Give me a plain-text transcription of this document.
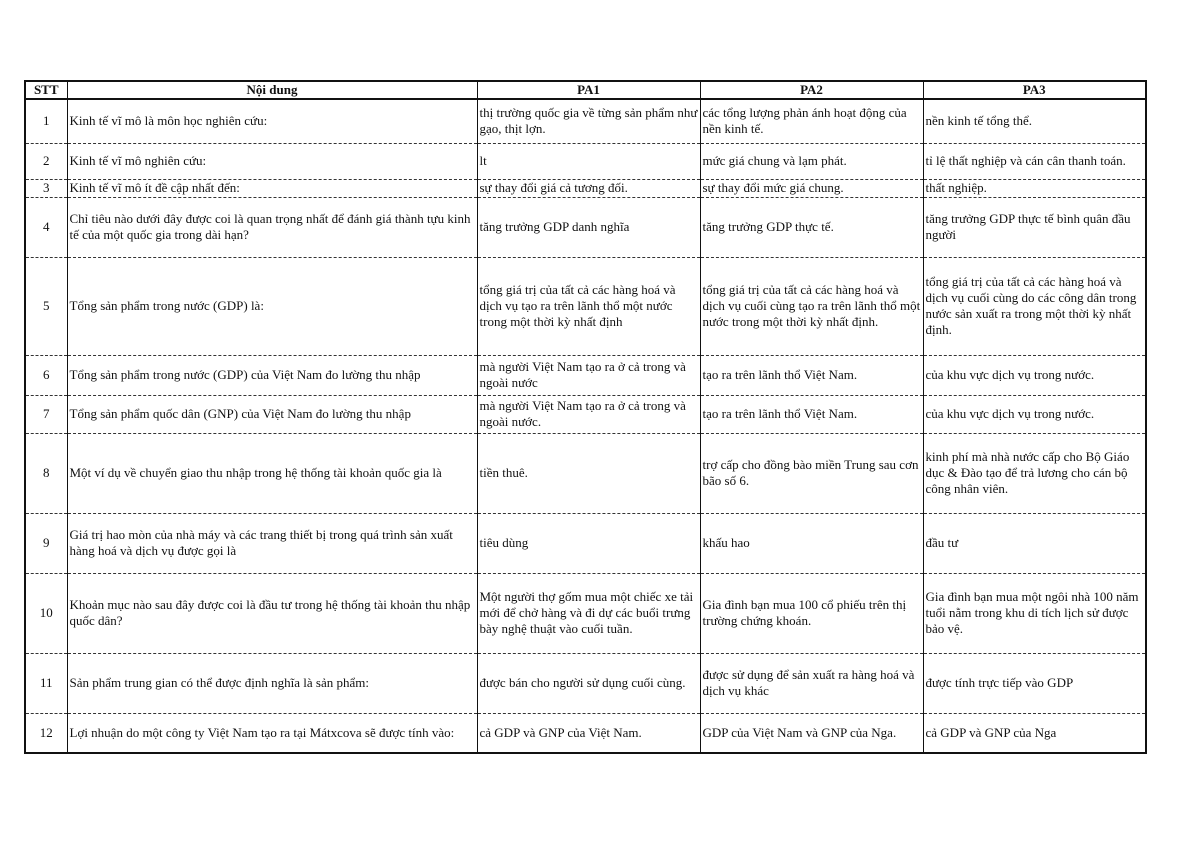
STT	Nội dung	PA1	PA2	PA3
1	Kinh tế vĩ mô là môn học nghiên cứu:	thị trường quốc gia về từng sản phẩm như gạo, thịt lợn.	các tổng lượng phản ánh hoạt động của nền kinh tế.	nền kinh tế tổng thể.
2	Kinh tế vĩ mô nghiên cứu:	lt	mức giá chung và lạm phát.	tỉ lệ thất nghiệp và cán cân thanh toán.
3	Kinh tế vĩ mô ít đề cập nhất đến:	sự thay đổi giá cả tương đối.	sự thay đổi mức giá chung.	thất nghiệp.
4	Chỉ tiêu nào dưới đây được coi là quan trọng nhất để đánh giá thành tựu kinh tế của một quốc gia trong dài hạn?	tăng trưởng GDP danh nghĩa	tăng trưởng GDP thực tế.	tăng trưởng GDP thực tế bình quân đầu người
5	Tổng sản phẩm trong nước (GDP) là:	tổng giá trị của tất cả các hàng hoá và dịch vụ tạo ra trên lãnh thổ một nước trong một thời kỳ nhất định	tổng giá trị của tất cả các hàng hoá và dịch vụ cuối cùng tạo ra trên lãnh thổ một nước trong một thời kỳ nhất định.	tổng giá trị của tất cả các hàng hoá và dịch vụ cuối cùng do các công dân trong nước sản xuất ra trong một thời kỳ nhất định.
6	Tổng sản phẩm trong nước (GDP) của Việt Nam đo lường thu nhập	mà người Việt Nam tạo ra ở cả trong và ngoài nước	tạo ra trên lãnh thổ Việt Nam.	của khu vực dịch vụ trong nước.
7	Tổng sản phẩm quốc dân (GNP) của Việt Nam đo lường thu nhập	mà người Việt Nam tạo ra ở cả trong và ngoài nước.	tạo ra trên lãnh thổ Việt Nam.	của khu vực dịch vụ trong nước.
8	Một ví dụ về chuyển giao thu nhập trong hệ thống tài khoản quốc gia là	tiền thuê.	trợ cấp cho đồng bào miền Trung sau cơn bão số 6.	kinh phí mà nhà nước cấp cho Bộ Giáo dục & Đào tạo để trả lương cho cán bộ công nhân viên.
9	Giá trị hao mòn của nhà máy và các trang thiết bị trong quá trình sản xuất hàng hoá và dịch vụ được gọi là	tiêu dùng	khấu hao	đầu tư
10	Khoản mục nào sau đây được coi là đầu tư trong hệ thống tài khoản thu nhập quốc dân?	Một người thợ gốm mua một chiếc xe tải mới để chở hàng và đi dự các buổi trưng bày nghệ thuật vào cuối tuần.	Gia đình bạn mua 100 cổ phiếu trên thị trường chứng khoán.	Gia đình bạn mua một ngôi nhà 100 năm tuổi nằm trong khu di tích lịch sử được bảo vệ.
11	Sản phẩm trung gian có thể được định nghĩa là sản phẩm:	được bán cho người sử dụng cuối cùng.	được sử dụng để sản xuất ra hàng hoá và dịch vụ khác	được tính trực tiếp vào GDP
12	Lợi nhuận do một công ty Việt Nam tạo ra tại Mátxcova sẽ được tính vào:	cả GDP và GNP của Việt Nam.	GDP của Việt Nam và GNP của Nga.	cả GDP và GNP của Nga
